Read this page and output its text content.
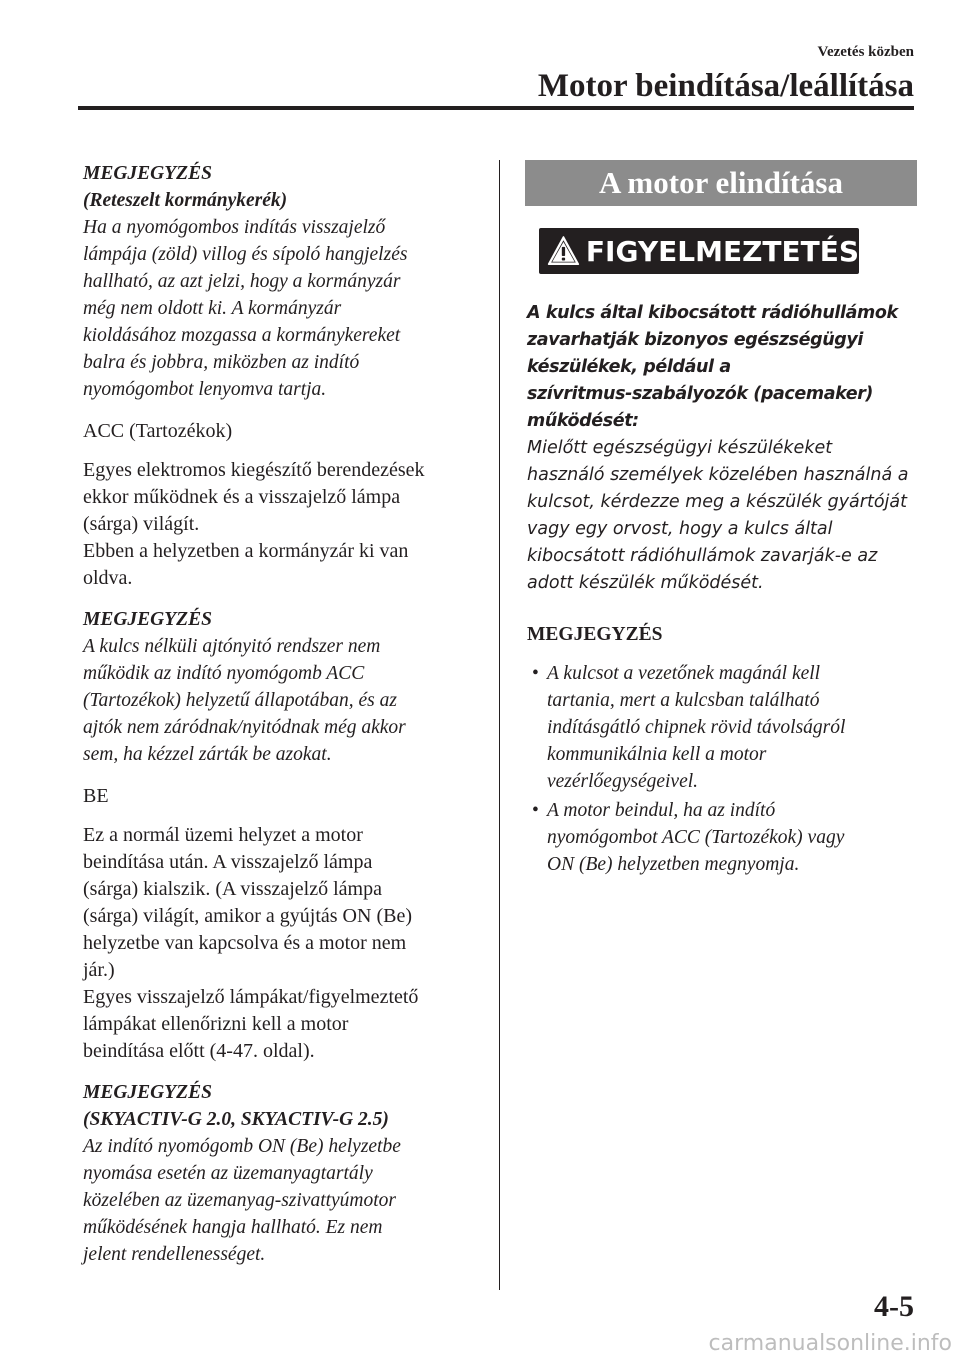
Vezetés közben
Motor beindítása/leállítása
MEGJEGYZÉS
(Reteszelt kormánykerék)
Ha a nyomógombos indítás visszajelző
lámpája (zöld) villog és sípoló hangjelzés
hallható, az azt jelzi, hogy a kormányzár
még nem oldott ki. A kormányzár
kioldásához mozgassa a kormánykereket
balra és jobbra, miközben az indító
nyomógombot lenyomva tartja.
ACC (Tartozékok)
Egyes elektromos kiegészítő berendezések
ekkor működnek és a visszajelző lámpa
(sárga) világít.
Ebben a helyzetben a kormányzár ki van
oldva.
MEGJEGYZÉS
A kulcs nélküli ajtónyitó rendszer nem
működik az indító nyomógomb ACC
(Tartozékok) helyzetű állapotában, és az
ajtók nem záródnak/nyitódnak még akkor
sem, ha kézzel zárták be azokat.
BE
Ez a normál üzemi helyzet a motor
beindítása után. A visszajelző lámpa
(sárga) kialszik. (A visszajelző lámpa
(sárga) világít, amikor a gyújtás ON (Be)
helyzetbe van kapcsolva és a motor nem
jár.)
Egyes visszajelző lámpákat/figyelmeztető
lámpákat ellenőrizni kell a motor
beindítása előtt (4-47. oldal).
MEGJEGYZÉS
(SKYACTIV-G 2.0, SKYACTIV-G 2.5)
Az indító nyomógomb ON (Be) helyzetbe
nyomása esetén az üzemanyagtartály
közelében az üzemanyag-szivattyúmotor
működésének hangja hallható. Ez nem
jelent rendellenességet.
A motor elindítása
FIGYELMEZTETÉS
A kulcs által kibocsátott rádióhullámok
zavarhatják bizonyos egészségügyi
készülékek, például a
szívritmus-szabályozók (pacemaker)
működését:
Mielőtt egészségügyi készülékeket
használó személyek közelében használná a
kulcsot, kérdezze meg a készülék gyártóját
vagy egy orvost, hogy a kulcs által
kibocsátott rádióhullámok zavarják-e az
adott készülék működését.
MEGJEGYZÉS
• A kulcsot a vezetőnek magánál kell
tartania, mert a kulcsban található
indításgátló chipnek rövid távolságról
kommunikálnia kell a motor
vezérlőegységeivel.
• A motor beindul, ha az indító
nyomógombot ACC (Tartozékok) vagy
ON (Be) helyzetben megnyomja.
4-5
carmanualsonline.info
